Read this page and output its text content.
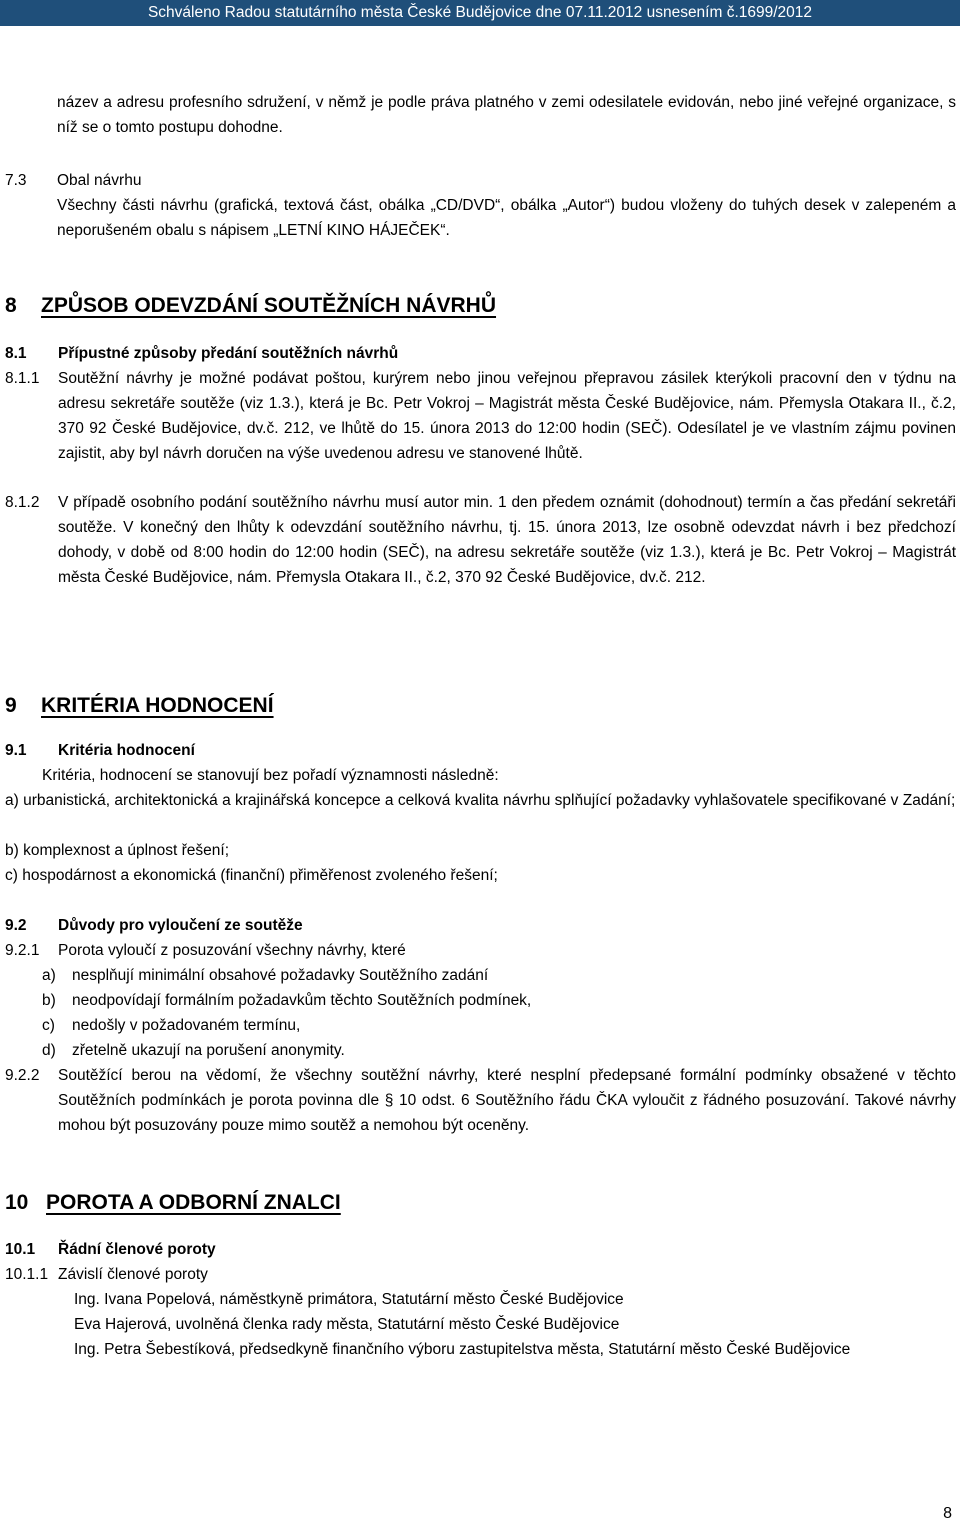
Schváleno Radou statutárního města České Budějovice dne 07.11.2012 usnesením č.1699/2012

název a adresu profesního sdružení, v němž je podle práva platného v zemi odesilatele evidován, nebo jiné veřejné organizace, s níž se o tomto postupu dohodne.

7.3 Obal návrhu

Všechny části návrhu (grafická, textová část, obálka „CD/DVD“, obálka „Autor“) budou vloženy do tuhých desek v zalepeném a neporušeném obalu s nápisem „LETNÍ KINO HÁJEČEK“.

8 ZPŮSOB ODEVZDÁNÍ SOUTĚŽNÍCH NÁVRHŮ
8.1 Přípustné způsoby předání soutěžních návrhů
8.1.1 Soutěžní návrhy je možné podávat poštou, kurýrem nebo jinou veřejnou přepravou zásilek kterýkoli pracovní den v týdnu na adresu sekretáře soutěže (viz 1.3.), která je Bc. Petr Vokroj – Magistrát města České Budějovice, nám. Přemysla Otakara II., č.2, 370 92 České Budějovice, dv.č. 212, ve lhůtě do 15. února 2013 do 12:00 hodin (SEČ). Odesílatel je ve vlastním zájmu povinen zajistit, aby byl návrh doručen na výše uvedenou adresu ve stanovené lhůtě.
8.1.2 V případě osobního podání soutěžního návrhu musí autor min. 1 den předem oznámit (dohodnout) termín a čas předání sekretáři soutěže. V konečný den lhůty k odevzdání soutěžního návrhu, tj. 15. února 2013, lze osobně odevzdat návrh i bez předchozí dohody, v době od 8:00 hodin do 12:00 hodin (SEČ), na adresu sekretáře soutěže (viz 1.3.), která je Bc. Petr Vokroj – Magistrát města České Budějovice, nám. Přemysla Otakara II., č.2, 370 92 České Budějovice, dv.č. 212.
9 KRITÉRIA HODNOCENÍ
9.1 Kritéria hodnocení
Kritéria, hodnocení se stanovují bez pořadí významnosti následně:

a) urbanistická, architektonická a krajinářská koncepce a celková kvalita návrhu splňující požadavky vyhlašovatele specifikované v Zadání;

b) komplexnost a úplnost řešení;
c) hospodárnost a ekonomická (finanční) přiměřenost zvoleného řešení;
9.2 Důvody pro vyloučení ze soutěže
9.2.1 Porota vyloučí z posuzování všechny návrhy, které
a) nesplňují minimální obsahové požadavky Soutěžního zadání
b) neodpovídají formálním požadavkům těchto Soutěžních podmínek,
c) nedošly v požadovaném termínu,
d) zřetelně ukazují na porušení anonymity.
9.2.2 Soutěžící berou na vědomí, že všechny soutěžní návrhy, které nesplní předepsané formální podmínky obsažené v těchto Soutěžních podmínkách je porota povinna dle § 10 odst. 6 Soutěžního řádu ČKA vyloučit z řádného posuzování. Takové návrhy mohou být posuzovány pouze mimo soutěž a nemohou být oceněny.
10 POROTA A ODBORNÍ ZNALCI
10.1 Řádní členové poroty
10.1.1 Závislí členové poroty
Ing. Ivana Popelová, náměstkyně primátora, Statutární město České Budějovice
Eva Hajerová, uvolněná členka rady města, Statutární město České Budějovice

Ing. Petra Šebestíková, předsedkyně finančního výboru zastupitelstva města, Statutární město České Budějovice

8
